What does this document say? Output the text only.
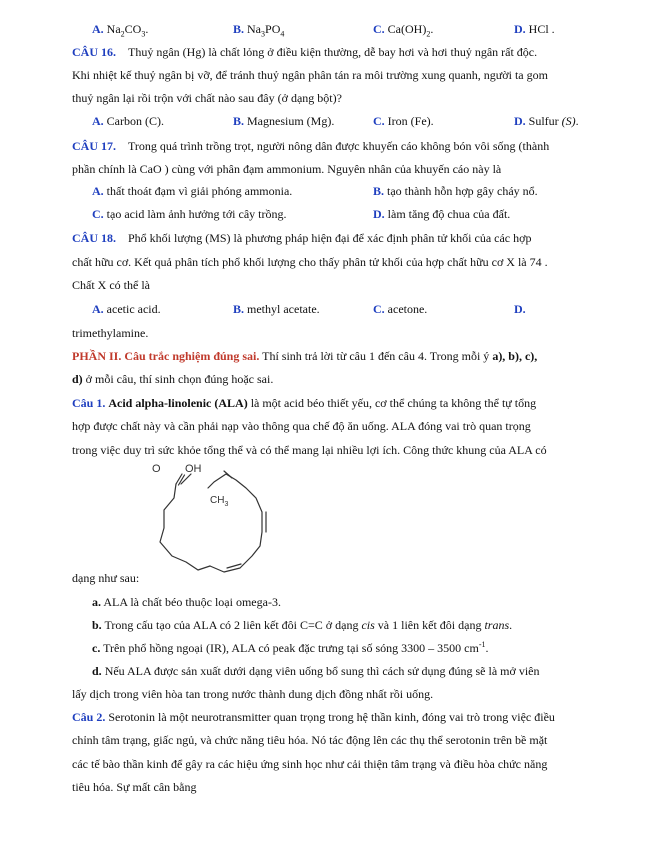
A. $Na_2CO_3$.	B. $Na_3PO_4$	C. $Ca(OH)_2$.	D. HCl .
CÂU 16. Thuỷ ngân (Hg) là chất lỏng ở điều kiện thường, dễ bay hơi và hơi thuỷ ngân rất độc.
Khi nhiệt kế thuỷ ngân bị vỡ, để tránh thuỷ ngân phân tán ra môi trường xung quanh, người ta gom
thuỷ ngân lại rồi trộn với chất nào sau đây (ở dạng bột)?
A. Carbon (C).	B. Magnesium (Mg).	C. Iron (Fe).	D. Sulfur (S).
CÂU 17. Trong quá trình trồng trọt, người nông dân được khuyến cáo không bón vôi sống (thành
phần chính là CaO ) cùng với phân đạm ammonium. Nguyên nhân của khuyến cáo này là
A. thất thoát đạm vì giải phóng ammonia.	B. tạo thành hỗn hợp gây cháy nổ.
C. tạo acid làm ảnh hưởng tới cây trồng.	D. làm tăng độ chua của đất.
CÂU 18. Phổ khối lượng (MS) là phương pháp hiện đại để xác định phân tử khối của các hợp
chất hữu cơ. Kết quả phân tích phổ khối lượng cho thấy phân tử khối của hợp chất hữu cơ X là 74 .
Chất X có thể là
A. acetic acid.	B. methyl acetate.	C. acetone.	D.
trimethylamine.
PHẦN II. Câu trắc nghiệm đúng sai. Thí sinh trả lời từ câu 1 đến câu 4. Trong mỗi ý a), b), c),
d) ở mỗi câu, thí sinh chọn đúng hoặc sai.
Câu 1. Acid alpha-linolenic (ALA) là một acid béo thiết yếu, cơ thể chúng ta không thể tự tổng
hợp được chất này và cần phải nạp vào thông qua chế độ ăn uống. ALA đóng vai trò quan trọng
trong việc duy trì sức khỏe tổng thể và có thể mang lại nhiều lợi ích. Công thức khung của ALA có
O OH
$CH_3$
dạng như sau:
a. ALA là chất béo thuộc loại omega-3.
b. Trong cấu tạo của ALA có 2 liên kết đôi C=C ở dạng cis và 1 liên kết đôi dạng trans.
c. Trên phổ hồng ngoại (IR), ALA có peak đặc trưng tại số sóng 3300 – 3500 $cm^{-1}$.
d. Nếu ALA được sản xuất dưới dạng viên uống bổ sung thì cách sử dụng đúng sẽ là mở viên
lấy dịch trong viên hòa tan trong nước thành dung dịch đồng nhất rồi uống.
Câu 2. Serotonin là một neurotransmitter quan trọng trong hệ thần kinh, đóng vai trò trong việc điều
chỉnh tâm trạng, giấc ngủ, và chức năng tiêu hóa. Nó tác động lên các thụ thể serotonin trên bề mặt
các tế bào thần kinh để gây ra các hiệu ứng sinh học như cải thiện tâm trạng và điều hòa chức năng
tiêu hóa. Sự mất cân bằng
